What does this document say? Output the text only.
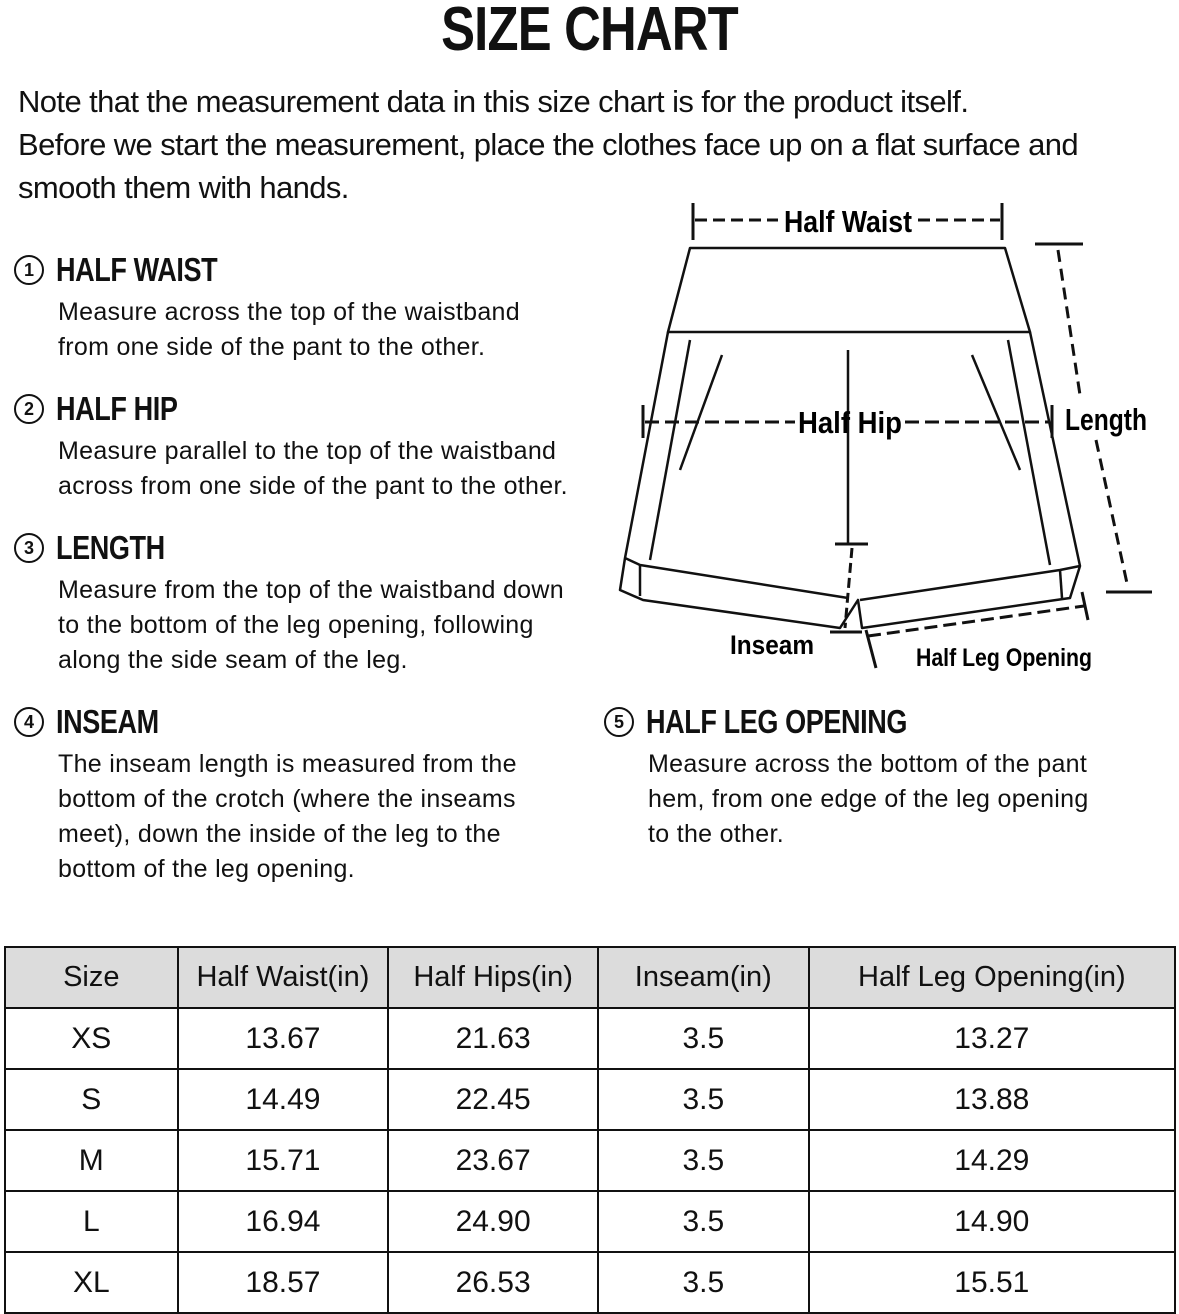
SIZE CHART
Note that the measurement data in this size chart is for the product itself.
Before we start the measurement, place the clothes face up on a flat surface and
smooth them with hands.
1 HALF WAIST
Measure across the top of the waistband
from one side of the pant to the other.
2 HALF HIP
Measure parallel to the top of the waistband
across from one side of the pant to the other.
3 LENGTH
Measure from the top of the waistband down
to the bottom of the leg opening, following
along the side seam of the leg.
4 INSEAM
The inseam length is measured from the
bottom of the crotch (where the inseams
meet), down the inside of the leg to the
bottom of the leg opening.
5 HALF LEG OPENING
Measure across the bottom of the pant
hem, from one edge of the leg opening
to the other.
Half Waist
Half Hip	Length
Inseam	Half Leg Opening
Size	Half Waist(in)	Half Hips(in)	Inseam(in)	Half Leg Opening(in)
XS	13.67	21.63	3.5	13.27
S	14.49	22.45	3.5	13.88
M	15.71	23.67	3.5	14.29
L	16.94	24.90	3.5	14.90
XL	18.57	26.53	3.5	15.51
